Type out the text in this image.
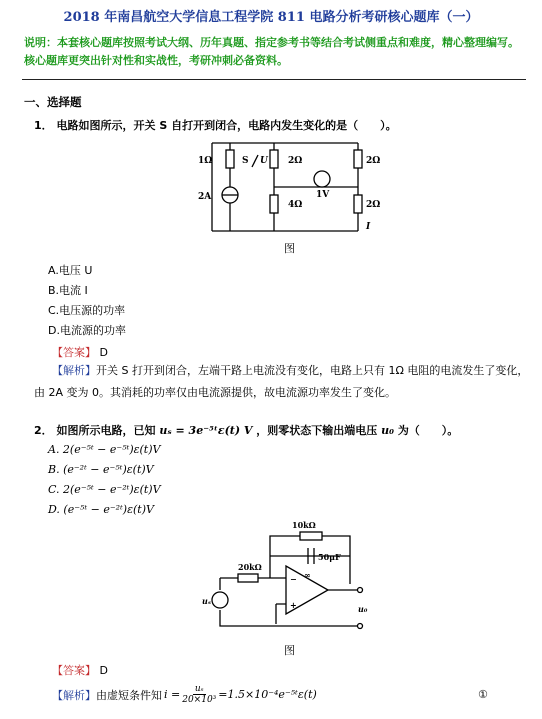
2018 年南昌航空大学信息工程学院 811 电路分析考研核心题库（一）
说明：本套核心题库按照考试大纲、历年真题、指定参考书等结合考试侧重点和难度，精心整理编写。核心题库更突出针对性和实战性，考研冲刺必备资料。
一、选择题
1． 电路如图所示，开关 S 自打开到闭合，电路内发生变化的是（　　）。
1Ω	S U 2Ω	2Ω
1V
4Ω	2Ω
2A
I
图
A.电压 U
B.电流 I
C.电压源的功率
D.电流源的功率
【答案】 D
【解析】开关 S 打开到闭合，左端干路上电流没有变化，电路上只有 1Ω 电阻的电流发生了变化，由 2A 变为 0。其消耗的功率仅由电流源提供，故电流源功率发生了变化。
2． 如图所示电路，已知 uₛ = 3e⁻⁵ᵗε(t) V ，则零状态下输出端电压 u₀ 为（　　）。
A. 2(e⁻⁵ᵗ − e⁻⁵ᵗ)ε(t)V
B. (e⁻²ᵗ − e⁻⁵ᵗ)ε(t)V
C. 2(e⁻⁵ᵗ − e⁻²ᵗ)ε(t)V
D. (e⁻⁵ᵗ − e⁻²ᵗ)ε(t)V
10kΩ
50μF
20kΩ
∞
−
+
uₛ
u₀
图
【答案】 D
【解析】 由虚短条件知 $i = \frac{\text{uₛ}}{\text{20×10³}}$ =1.5×10⁻⁴e⁻⁵ᵗε(t)	①
